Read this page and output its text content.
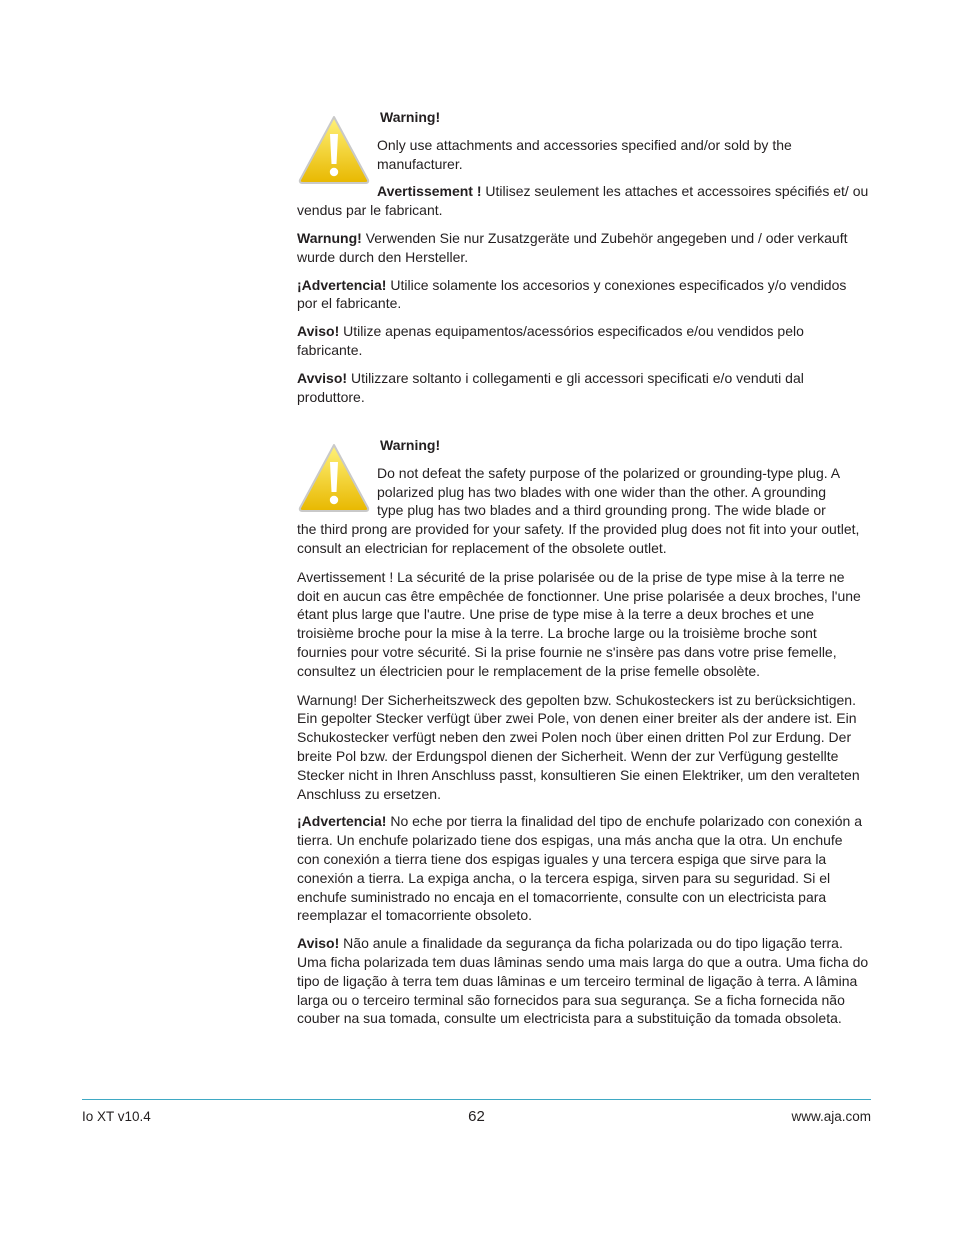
Warning!

Only use attachments and accessories specified and/or sold by the manufacturer.

Avertissement ! Utilisez seulement les attaches et accessoires spécifiés et/ ou vendus par le fabricant.

Warnung! Verwenden Sie nur Zusatzgeräte und Zubehör angegeben und / oder verkauft wurde durch den Hersteller.

¡Advertencia! Utilice solamente los accesorios y conexiones especificados y/o vendidos por el fabricante.

Aviso! Utilize apenas equipamentos/acessórios especificados e/ou vendidos pelo fabricante.

Avviso! Utilizzare soltanto i collegamenti e gli accessori specificati e/o venduti dal produttore.

Warning!
Do not defeat the safety purpose of the polarized or grounding-type plug. A
polarized plug has two blades with one wider than the other. A grounding
type plug has two blades and a third grounding prong. The wide blade or

the third prong are provided for your safety. If the provided plug does not fit into your outlet, consult an electrician for replacement of the obsolete outlet.

Avertissement ! La sécurité de la prise polarisée ou de la prise de type mise à la terre ne doit en aucun cas être empêchée de fonctionner. Une prise polarisée a deux broches, l'une étant plus large que l'autre. Une prise de type mise à la terre a deux broches et une troisième broche pour la mise à la terre. La broche large ou la troisième broche sont fournies pour votre sécurité. Si la prise fournie ne s'insère pas dans votre prise femelle, consultez un électricien pour le remplacement de la prise femelle obsolète.

Warnung! Der Sicherheitszweck des gepolten bzw. Schukosteckers ist zu berücksichtigen. Ein gepolter Stecker verfügt über zwei Pole, von denen einer breiter als der andere ist. Ein Schukostecker verfügt neben den zwei Polen noch über einen dritten Pol zur Erdung. Der breite Pol bzw. der Erdungspol dienen der Sicherheit. Wenn der zur Verfügung gestellte Stecker nicht in Ihren Anschluss passt, konsultieren Sie einen Elektriker, um den veralteten Anschluss zu ersetzen.

¡Advertencia! No eche por tierra la finalidad del tipo de enchufe polarizado con conexión a tierra. Un enchufe polarizado tiene dos espigas, una más ancha que la otra. Un enchufe con conexión a tierra tiene dos espigas iguales y una tercera espiga que sirve para la conexión a tierra. La expiga ancha, o la tercera espiga, sirven para su seguridad. Si el enchufe suministrado no encaja en el tomacorriente, consulte con un electricista para reemplazar el tomacorriente obsoleto.

Aviso! Não anule a finalidade da segurança da ficha polarizada ou do tipo ligação terra. Uma ficha polarizada tem duas lâminas sendo uma mais larga do que a outra. Uma ficha do tipo de ligação à terra tem duas lâminas e um terceiro terminal de ligação à terra. A lâmina larga ou o terceiro terminal são fornecidos para sua segurança. Se a ficha fornecida não couber na sua tomada, consulte um electricista para a substituição da tomada obsoleta.

Io XT v10.4	62	www.aja.com
